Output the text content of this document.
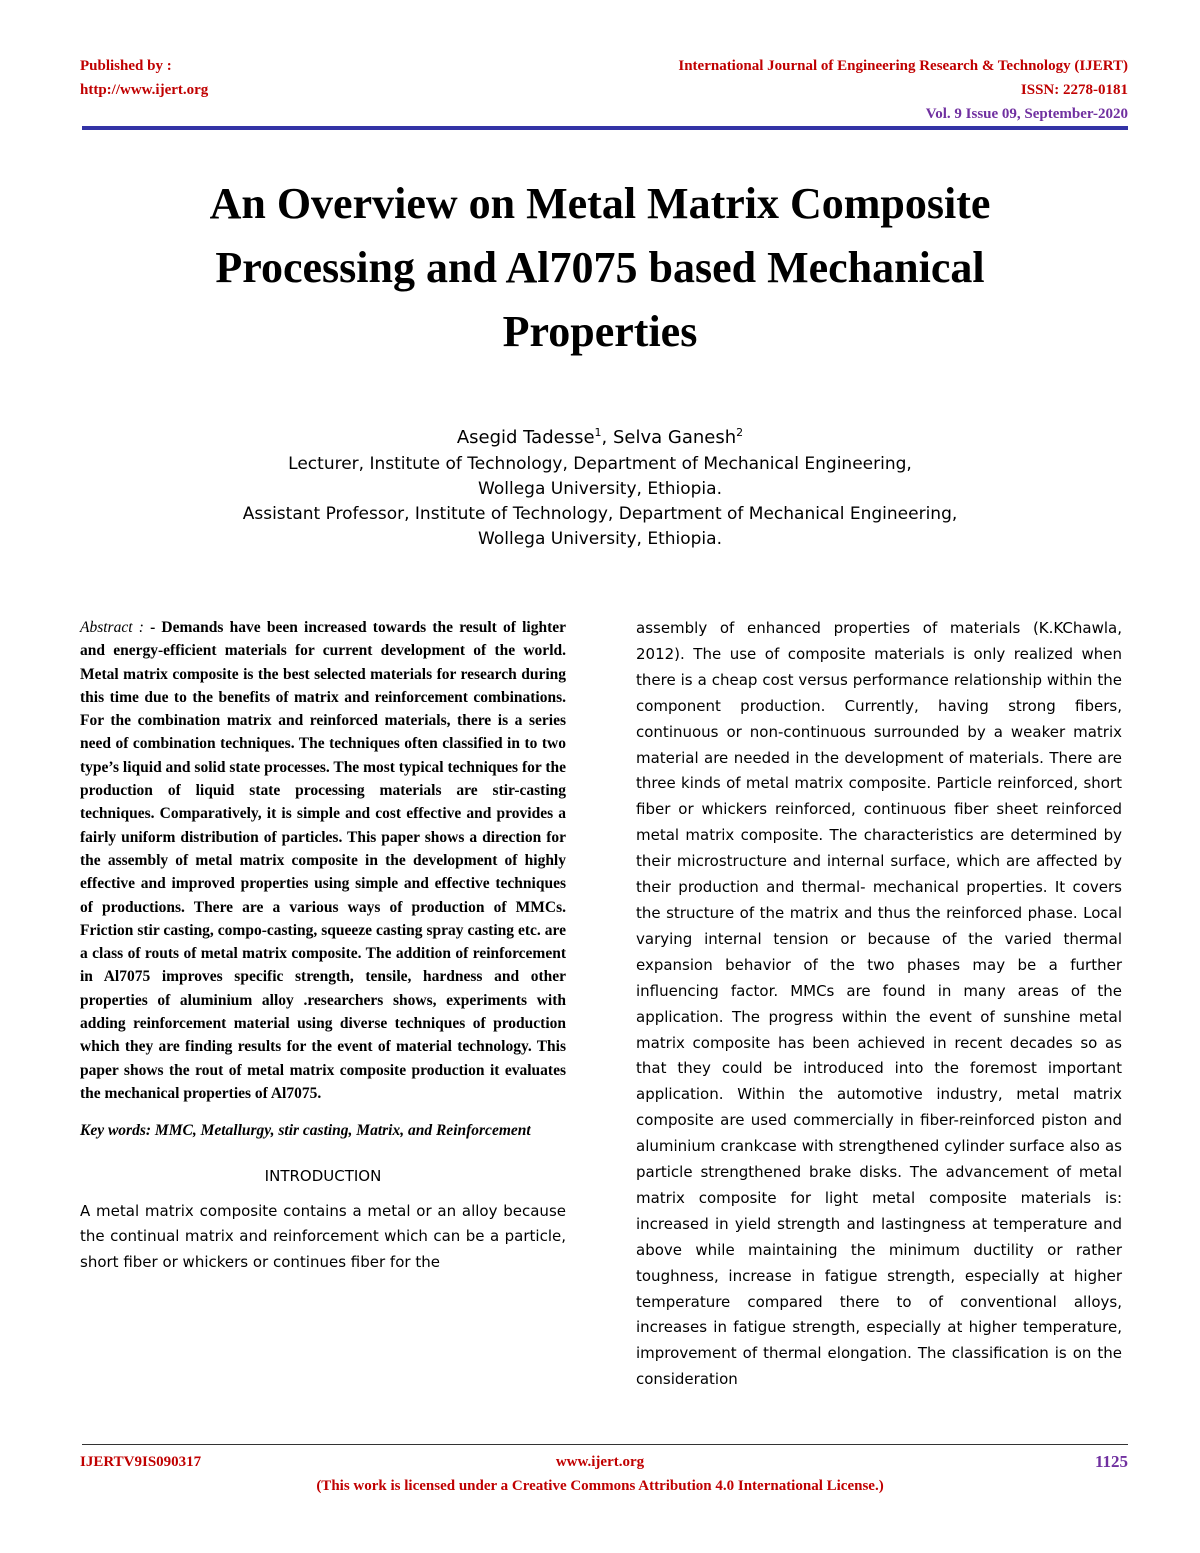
Published by :
http://www.ijert.org
International Journal of Engineering Research & Technology (IJERT)
ISSN: 2278-0181
Vol. 9 Issue 09, September-2020
An Overview on Metal Matrix Composite
Processing and Al7075 based Mechanical
Properties
Asegid Tadesse$^1$, Selva Ganesh$^2$
Lecturer, Institute of Technology, Department of Mechanical Engineering,
Wollega University, Ethiopia.
Assistant Professor, Institute of Technology, Department of Mechanical Engineering,
Wollega University, Ethiopia.

Abstract : - Demands have been increased towards the result of lighter and energy-efficient materials for current development of the world. Metal matrix composite is the best selected materials for research during this time due to the benefits of matrix and reinforcement combinations. For the combination matrix and reinforced materials, there is a series need of combination techniques. The techniques often classified in to two type’s liquid and solid state processes. The most typical techniques for the production of liquid state processing materials are stir-casting techniques. Comparatively, it is simple and cost effective and provides a fairly uniform distribution of particles. This paper shows a direction for the assembly of metal matrix composite in the development of highly effective and improved properties using simple and effective techniques of productions. There are a various ways of production of MMCs. Friction stir casting, compo-casting, squeeze casting spray casting etc. are a class of routs of metal matrix composite. The addition of reinforcement in Al7075 improves specific strength, tensile, hardness and other properties of aluminium alloy .researchers shows, experiments with adding reinforcement material using diverse techniques of production which they are finding results for the event of material technology. This paper shows the rout of metal matrix composite production it evaluates the mechanical properties of Al7075.

Key words: MMC, Metallurgy, stir casting, Matrix, and Reinforcement

INTRODUCTION

A metal matrix composite contains a metal or an alloy because the continual matrix and reinforcement which can be a particle, short fiber or whickers or continues fiber for the

assembly of enhanced properties of materials (K.KChawla, 2012). The use of composite materials is only realized when there is a cheap cost versus performance relationship within the component production. Currently, having strong fibers, continuous or non-continuous surrounded by a weaker matrix material are needed in the development of materials. There are three kinds of metal matrix composite. Particle reinforced, short fiber or whickers reinforced, continuous fiber sheet reinforced metal matrix composite. The characteristics are determined by their microstructure and internal surface, which are affected by their production and thermal- mechanical properties. It covers the structure of the matrix and thus the reinforced phase. Local varying internal tension or because of the varied thermal expansion behavior of the two phases may be a further influencing factor. MMCs are found in many areas of the application. The progress within the event of sunshine metal matrix composite has been achieved in recent decades so as that they could be introduced into the foremost important application. Within the automotive industry, metal matrix composite are used commercially in fiber-reinforced piston and aluminium crankcase with strengthened cylinder surface also as particle strengthened brake disks. The advancement of metal matrix composite for light metal composite materials is: increased in yield strength and lastingness at temperature and above while maintaining the minimum ductility or rather toughness, increase in fatigue strength, especially at higher temperature compared there to of conventional alloys, increases in fatigue strength, especially at higher temperature, improvement of thermal elongation. The classification is on the consideration

IJERTV9IS090317	www.ijert.org	1125
(This work is licensed under a Creative Commons Attribution 4.0 International License.)
